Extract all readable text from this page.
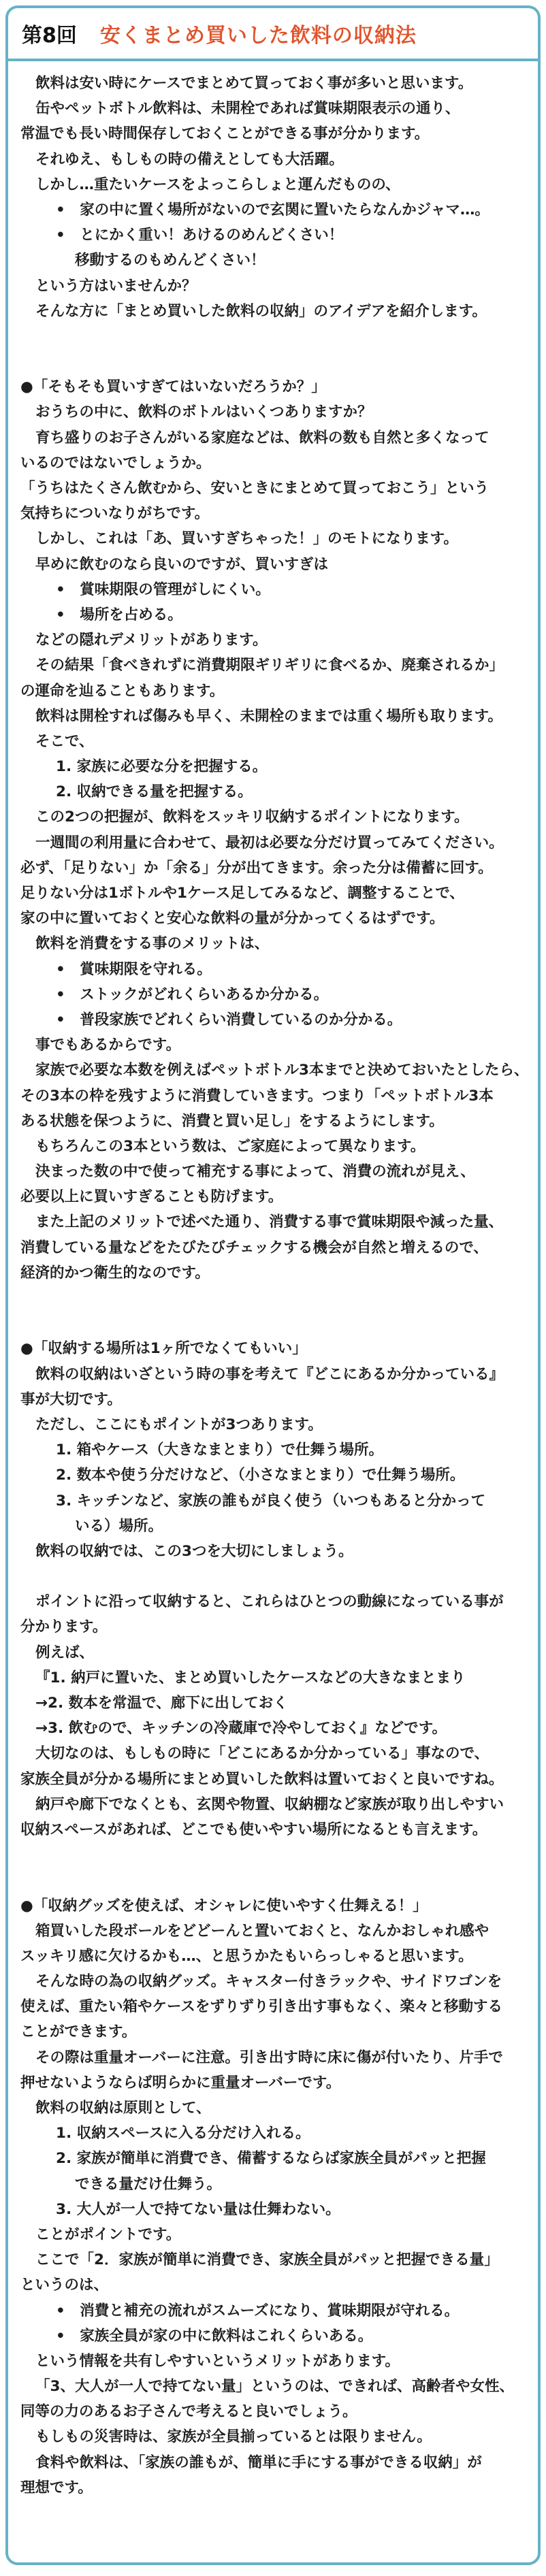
第8回 安くまとめ買いした飲料の収納法
飲料は安い時にケースでまとめて買っておく事が多いと思います。
缶やペットボトル飲料は、未開栓であれば賞味期限表示の通り、
常温でも長い時間保存しておくことができる事が分かります。
それゆえ、もしもの時の備えとしても大活躍。
しかし…重たいケースをよっこらしょと運んだものの、
•　家の中に置く場所がないので玄関に置いたらなんかジャマ…。
•　とにかく重い！あけるのめんどくさい！
移動するのもめんどくさい！
という方はいませんか？
そんな方に「まとめ買いした飲料の収納」のアイデアを紹介します。
●「そもそも買いすぎてはいないだろうか？」
おうちの中に、飲料のボトルはいくつありますか？
育ち盛りのお子さんがいる家庭などは、飲料の数も自然と多くなって
いるのではないでしょうか。
「うちはたくさん飲むから、安いときにまとめて買っておこう」という
気持ちについなりがちです。
しかし、これは「あ、買いすぎちゃった！」のモトになります。
早めに飲むのなら良いのですが、買いすぎは
•　賞味期限の管理がしにくい。
•　場所を占める。
などの隠れデメリットがあります。
その結果「食べきれずに消費期限ギリギリに食べるか、廃棄されるか」
の運命を辿ることもあります。
飲料は開栓すれば傷みも早く、未開栓のままでは重く場所も取ります。
そこで、
1. 家族に必要な分を把握する。
2. 収納できる量を把握する。
この2つの把握が、飲料をスッキリ収納するポイントになります。
一週間の利用量に合わせて、最初は必要な分だけ買ってみてください。
必ず、「足りない」か「余る」分が出てきます。余った分は備蓄に回す。
足りない分は1ボトルや1ケース足してみるなど、調整することで、
家の中に置いておくと安心な飲料の量が分かってくるはずです。
飲料を消費をする事のメリットは、
•　賞味期限を守れる。
•　ストックがどれくらいあるか分かる。
•　普段家族でどれくらい消費しているのか分かる。
事でもあるからです。
家族で必要な本数を例えばペットボトル3本までと決めておいたとしたら、
その3本の枠を残すように消費していきます。つまり「ペットボトル3本
ある状態を保つように、消費と買い足し」をするようにします。
もちろんこの3本という数は、ご家庭によって異なります。
決まった数の中で使って補充する事によって、消費の流れが見え、
必要以上に買いすぎることも防げます。
また上記のメリットで述べた通り、消費する事で賞味期限や減った量、
消費している量などをたびたびチェックする機会が自然と増えるので、
経済的かつ衛生的なのです。
●「収納する場所は1ヶ所でなくてもいい」
飲料の収納はいざという時の事を考えて『どこにあるか分かっている』
事が大切です。
ただし、ここにもポイントが3つあります。
1. 箱やケース（大きなまとまり）で仕舞う場所。
2. 数本や使う分だけなど、（小さなまとまり）で仕舞う場所。
3. キッチンなど、家族の誰もが良く使う（いつもあると分かって
いる）場所。
飲料の収納では、この3つを大切にしましょう。
ポイントに沿って収納すると、これらはひとつの動線になっている事が
分かります。
例えば、
『1. 納戸に置いた、まとめ買いしたケースなどの大きなまとまり
→2. 数本を常温で、廊下に出しておく
→3. 飲むので、キッチンの冷蔵庫で冷やしておく』などです。
大切なのは、もしもの時に「どこにあるか分かっている」事なので、
家族全員が分かる場所にまとめ買いした飲料は置いておくと良いですね。
納戸や廊下でなくとも、玄関や物置、収納棚など家族が取り出しやすい
収納スペースがあれば、どこでも使いやすい場所になるとも言えます。
●「収納グッズを使えば、オシャレに使いやすく仕舞える！」
箱買いした段ボールをどどーんと置いておくと、なんかおしゃれ感や
スッキリ感に欠けるかも…、と思うかたもいらっしゃると思います。
そんな時の為の収納グッズ。キャスター付きラックや、サイドワゴンを
使えば、重たい箱やケースをずりずり引き出す事もなく、楽々と移動する
ことができます。
その際は重量オーバーに注意。引き出す時に床に傷が付いたり、片手で
押せないようならば明らかに重量オーバーです。
飲料の収納は原則として、
1. 収納スペースに入る分だけ入れる。
2. 家族が簡単に消費でき、備蓄するならば家族全員がパッと把握
できる量だけ仕舞う。
3. 大人が一人で持てない量は仕舞わない。
ことがポイントです。
ここで「2．家族が簡単に消費でき、家族全員がパッと把握できる量」
というのは、
•　消費と補充の流れがスムーズになり、賞味期限が守れる。
•　家族全員が家の中に飲料はこれくらいある。
という情報を共有しやすいというメリットがあります。
「3、大人が一人で持てない量」というのは、できれば、高齢者や女性、
同等の力のあるお子さんで考えると良いでしょう。
もしもの災害時は、家族が全員揃っているとは限りません。
食料や飲料は、「家族の誰もが、簡単に手にする事ができる収納」が
理想です。
